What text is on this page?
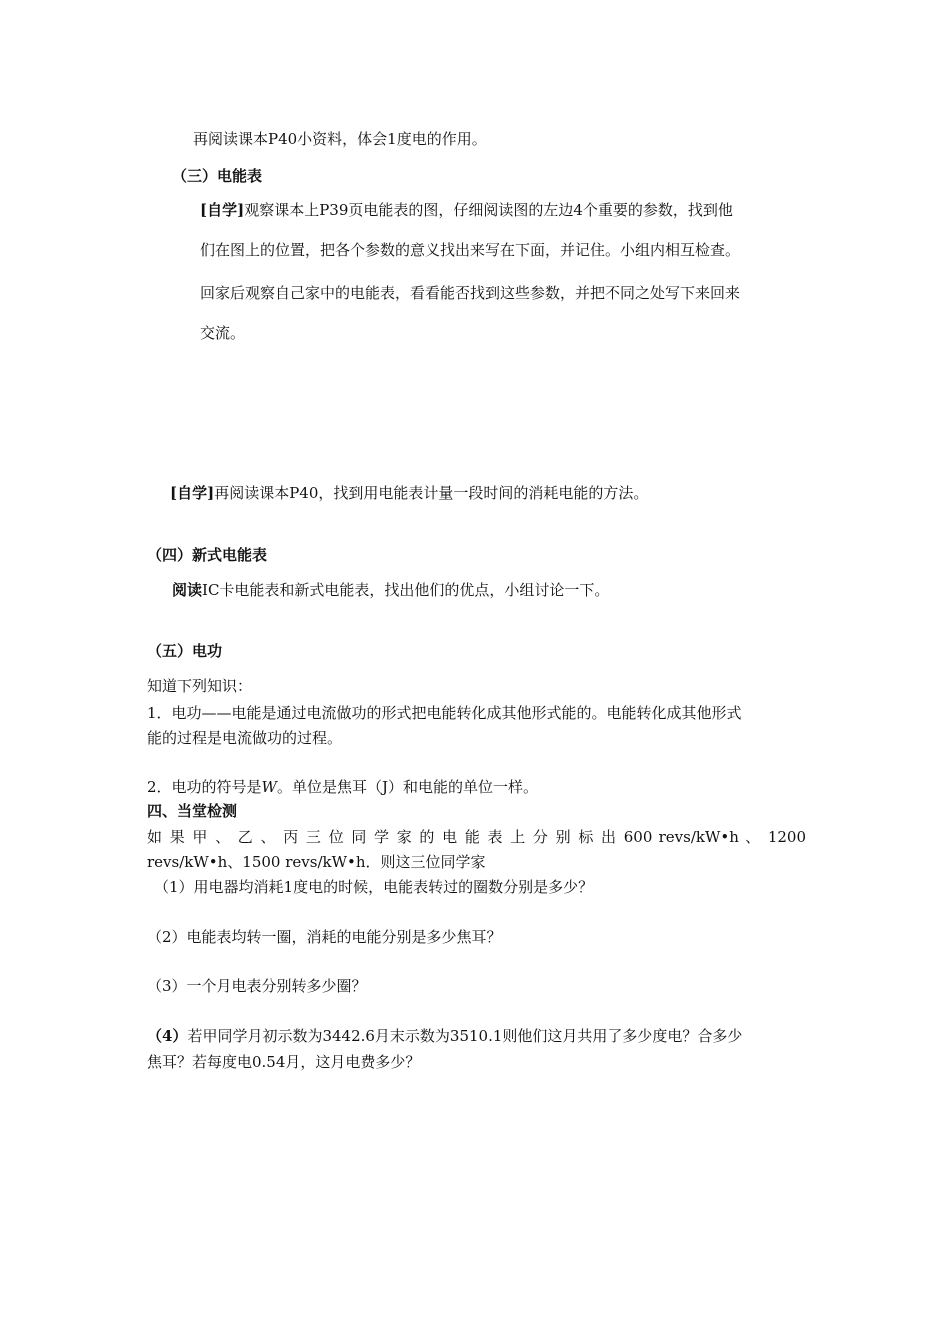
再阅读课本P40小资料，体会1度电的作用。
（三）电能表
[自学]观察课本上P39页电能表的图，仔细阅读图的左边4个重要的参数，找到他
们在图上的位置，把各个参数的意义找出来写在下面，并记住。小组内相互检查。
回家后观察自己家中的电能表，看看能否找到这些参数，并把不同之处写下来回来
交流。
[自学]再阅读课本P40，找到用电能表计量一段时间的消耗电能的方法。
（四）新式电能表
阅读IC卡电能表和新式电能表，找出他们的优点，小组讨论一下。
（五）电功
知道下列知识：
1．电功——电能是通过电流做功的形式把电能转化成其他形式能的。电能转化成其他形式
能的过程是电流做功的过程。
2．电功的符号是W。单位是焦耳（J）和电能的单位一样。
四、当堂检测
如 果 甲 、 乙 、 丙 三 位 同 学 家 的 电 能 表 上 分 别 标 出 600 revs/kW•h 、 1200
revs/kW•h、1500 revs/kW•h．则这三位同学家
（1）用电器均消耗1度电的时候，电能表转过的圈数分别是多少？
（2）电能表均转一圈，消耗的电能分别是多少焦耳？
（3）一个月电表分别转多少圈？
（4）若甲同学月初示数为3442.6月末示数为3510.1则他们这月共用了多少度电？合多少
焦耳？若每度电0.54月，这月电费多少？
